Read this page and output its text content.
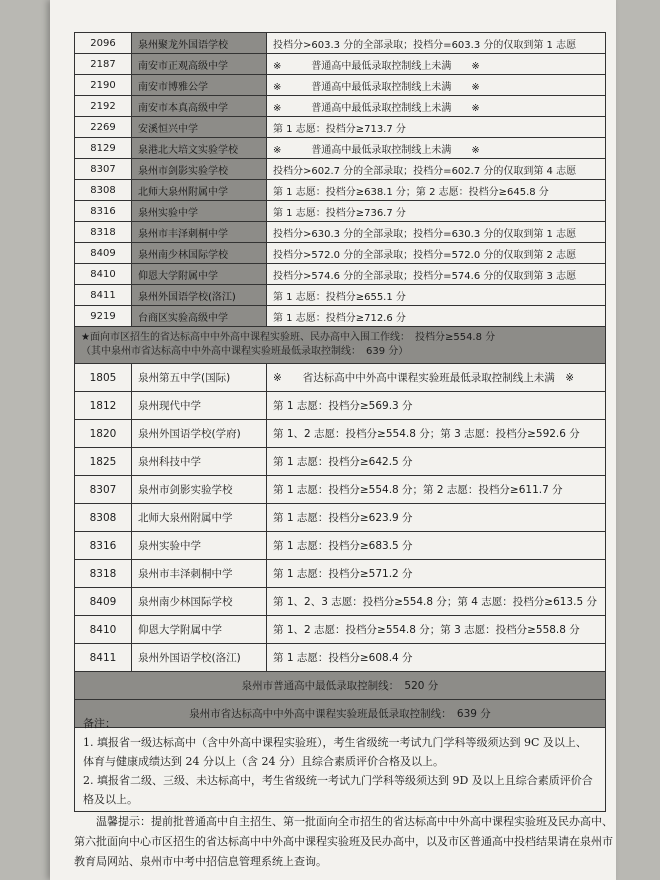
2096	泉州聚龙外国语学校	投档分>603.3 分的全部录取；投档分=603.3 分的仅取到第 1 志愿
2187	南安市正观高级中学	※　　　普通高中最低录取控制线上未满　　※
2190	南安市博雅公学	※　　　普通高中最低录取控制线上未满　　※
2192	南安市本真高级中学	※　　　普通高中最低录取控制线上未满　　※
2269	安溪恒兴中学	第 1 志愿：投档分≥713.7 分
8129	泉港北大培文实验学校	※　　　普通高中最低录取控制线上未满　　※
8307	泉州市剑影实验学校	投档分>602.7 分的全部录取；投档分=602.7 分的仅取到第 4 志愿
8308	北师大泉州附属中学	第 1 志愿：投档分≥638.1 分；第 2 志愿：投档分≥645.8 分
8316	泉州实验中学	第 1 志愿：投档分≥736.7 分
8318	泉州市丰泽刺桐中学	投档分>630.3 分的全部录取；投档分=630.3 分的仅取到第 1 志愿
8409	泉州南少林国际学校	投档分>572.0 分的全部录取；投档分=572.0 分的仅取到第 2 志愿
8410	仰恩大学附属中学	投档分>574.6 分的全部录取；投档分=574.6 分的仅取到第 3 志愿
8411	泉州外国语学校(洛江)	第 1 志愿：投档分≥655.1 分
9219	台商区实验高级中学	第 1 志愿：投档分≥712.6 分

★面向市区招生的省达标高中中外高中课程实验班、民办高中入围工作线：　投档分≥554.8 分
（其中泉州市省达标高中中外高中课程实验班最低录取控制线：　639 分）		

1805	泉州第五中学(国际)	※　　省达标高中中外高中课程实验班最低录取控制线上未满　※
1812	泉州现代中学	第 1 志愿：投档分≥569.3 分
1820	泉州外国语学校(学府)	第 1、2 志愿：投档分≥554.8 分；第 3 志愿：投档分≥592.6 分
1825	泉州科技中学	第 1 志愿：投档分≥642.5 分
8307	泉州市剑影实验学校	第 1 志愿：投档分≥554.8 分；第 2 志愿：投档分≥611.7 分
8308	北师大泉州附属中学	第 1 志愿：投档分≥623.9 分
8316	泉州实验中学	第 1 志愿：投档分≥683.5 分
8318	泉州市丰泽刺桐中学	第 1 志愿：投档分≥571.2 分
8409	泉州南少林国际学校	第 1、2、3 志愿：投档分≥554.8 分；第 4 志愿：投档分≥613.5 分
8410	仰恩大学附属中学	第 1、2 志愿：投档分≥554.8 分；第 3 志愿：投档分≥558.8 分
8411	泉州外国语学校(洛江)	第 1 志愿：投档分≥608.4 分
泉州市普通高中最低录取控制线：　520 分		
泉州市省达标高中中外高中课程实验班最低录取控制线：　639 分		

备注：

1. 填报省一级达标高中（含中外高中课程实验班），考生省级统一考试九门学科等级须达到 9C 及以上、体育与健康成绩达到 24 分以上（含 24 分）且综合素质评价合格及以上。

2. 填报省二级、三级、未达标高中，考生省级统一考试九门学科等级须达到 9D 及以上且综合素质评价合格及以上。

温馨提示：提前批普通高中自主招生、第一批面向全市招生的省达标高中中外高中课程实验班及民办高中、第六批面向中心市区招生的省达标高中中外高中课程实验班及民办高中，以及市区普通高中投档结果请在泉州市教育局网站、泉州市中考中招信息管理系统上查询。
